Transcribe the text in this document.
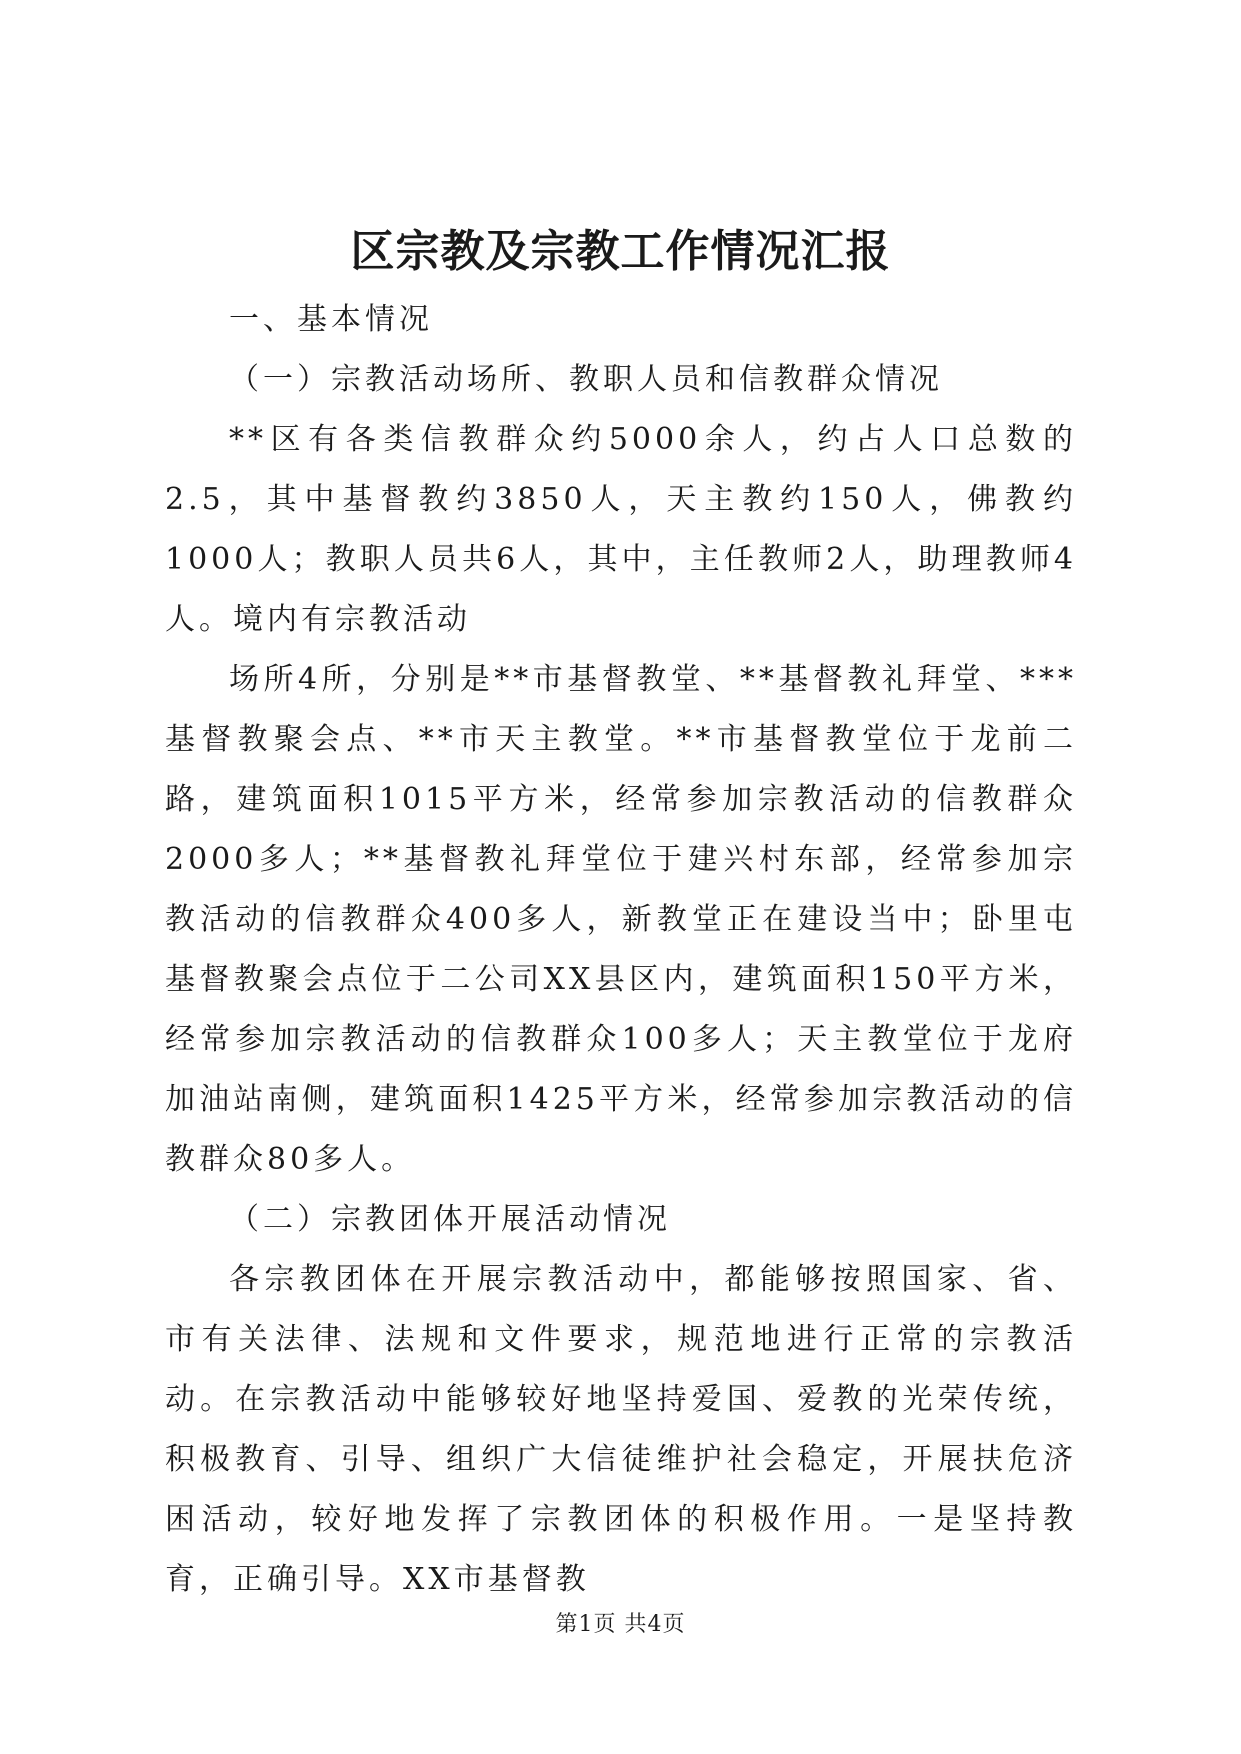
区宗教及宗教工作情况汇报

一、基本情况

（一）宗教活动场所、教职人员和信教群众情况

**区有各类信教群众约5000余人，约占人口总数的2.5，其中基督教约3850人，天主教约150人，佛教约1000人；教职人员共6人，其中，主任教师2人，助理教师4人。境内有宗教活动

场所4所，分别是**市基督教堂、**基督教礼拜堂、***基督教聚会点、**市天主教堂。**市基督教堂位于龙前二路，建筑面积1015平方米，经常参加宗教活动的信教群众2000多人；**基督教礼拜堂位于建兴村东部，经常参加宗教活动的信教群众400多人，新教堂正在建设当中；卧里屯基督教聚会点位于二公司XX县区内，建筑面积150平方米，经常参加宗教活动的信教群众100多人；天主教堂位于龙府加油站南侧，建筑面积1425平方米，经常参加宗教活动的信教群众80多人。

（二）宗教团体开展活动情况

各宗教团体在开展宗教活动中，都能够按照国家、省、市有关法律、法规和文件要求，规范地进行正常的宗教活动。在宗教活动中能够较好地坚持爱国、爱教的光荣传统，积极教育、引导、组织广大信徒维护社会稳定，开展扶危济困活动，较好地发挥了宗教团体的积极作用。一是坚持教育，正确引导。XX市基督教

第1页 共4页
